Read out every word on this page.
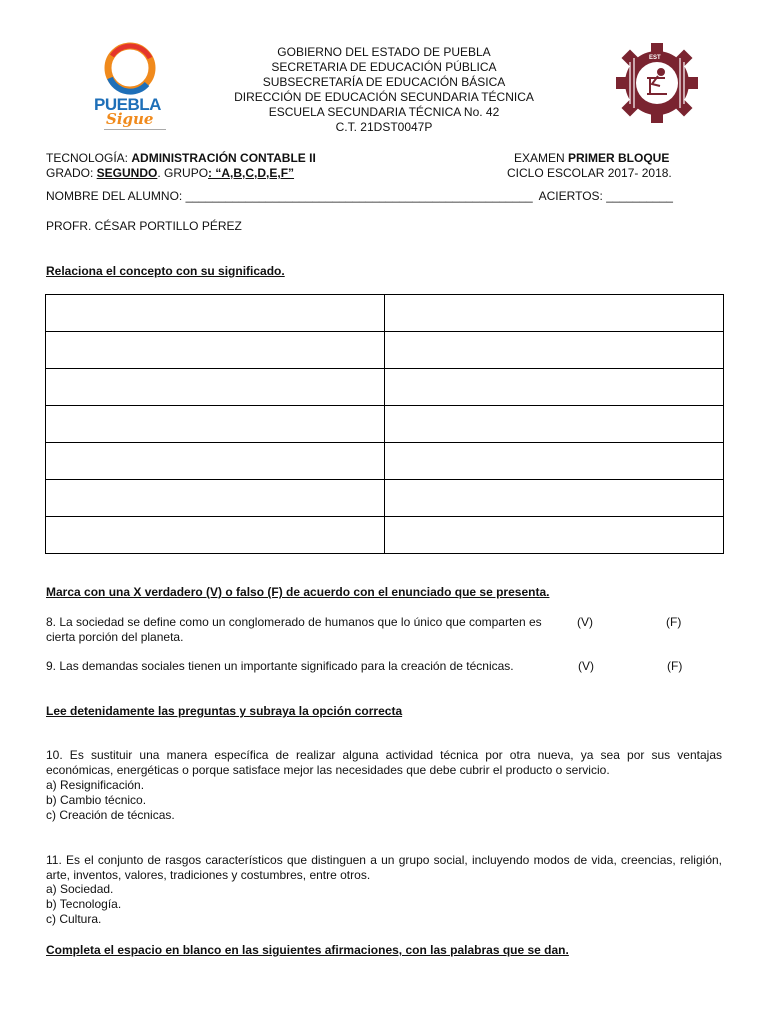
PUEBLA
Sigue
EST
GOBIERNO DEL ESTADO DE PUEBLA
SECRETARIA DE EDUCACIÓN PÚBLICA
SUBSECRETARÍA DE EDUCACIÓN BÁSICA
DIRECCIÓN DE EDUCACIÓN SECUNDARIA TÉCNICA
ESCUELA SECUNDARIA TÉCNICA No. 42
C.T. 21DST0047P
TECNOLOGÍA: ADMINISTRACIÓN CONTABLE II	EXAMEN PRIMER BLOQUE
GRADO: SEGUNDO. GRUPO: “A,B,C,D,E,F”	CICLO ESCOLAR 2017- 2018.
NOMBRE DEL ALUMNO: ____________________________________________________  ACIERTOS: __________
PROFR. CÉSAR PORTILLO PÉREZ
Relaciona el concepto con su significado.

Marca con una X verdadero (V) o falso (F) de acuerdo con el enunciado que se presenta.
8. La sociedad se define como un conglomerado de humanos que lo único que comparten es cierta porción del planeta.
(V)	(F)
9. Las demandas sociales tienen un importante significado para la creación de técnicas.	(V)	(F)
Lee detenidamente las preguntas y subraya la opción correcta
10. Es sustituir una manera específica de realizar alguna actividad técnica por otra nueva, ya sea por sus ventajas económicas, energéticas o porque satisface mejor las necesidades que debe cubrir el producto o servicio.
a) Resignificación.
b) Cambio técnico.
c) Creación de técnicas.
11. Es el conjunto de rasgos característicos que distinguen a un grupo social, incluyendo modos de vida, creencias, religión, arte, inventos, valores, tradiciones y costumbres, entre otros.
a) Sociedad.
b) Tecnología.
c) Cultura.
Completa el espacio en blanco en las siguientes afirmaciones, con las palabras que se dan.
